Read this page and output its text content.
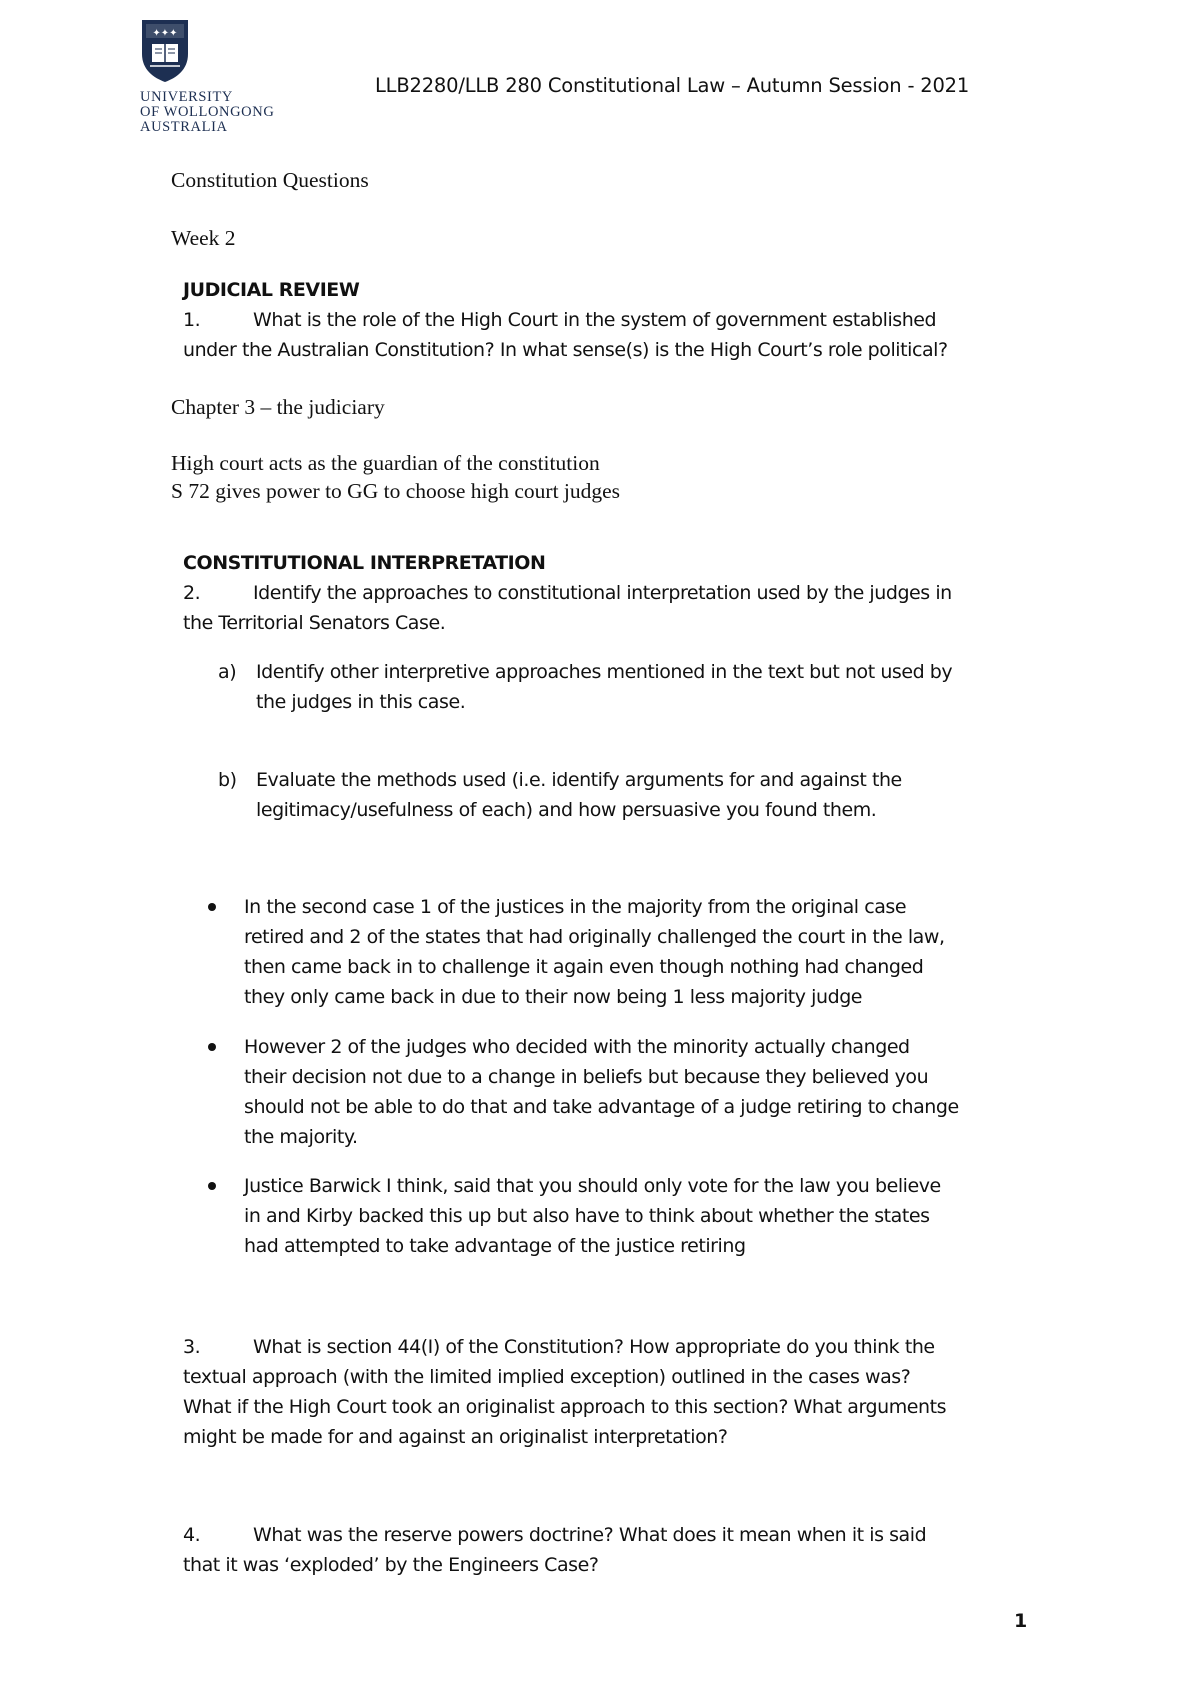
✦✦✦
UNIVERSITY
OF WOLLONGONG
AUSTRALIA
LLB2280/LLB 280 Constitutional Law – Autumn Session - 2021
Constitution Questions
Week 2
JUDICIAL REVIEW
1.	What is the role of the High Court in the system of government established
under the Australian Constitution? In what sense(s) is the High Court’s role political?
Chapter 3 – the judiciary
High court acts as the guardian of the constitution
S 72 gives power to GG to choose high court judges
CONSTITUTIONAL INTERPRETATION
2.	Identify the approaches to constitutional interpretation used by the judges in
the Territorial Senators Case.
a) Identify other interpretive approaches mentioned in the text but not used by
the judges in this case.
b) Evaluate the methods used (i.e. identify arguments for and against the
legitimacy/usefulness of each) and how persuasive you found them.
In the second case 1 of the justices in the majority from the original case
retired and 2 of the states that had originally challenged the court in the law,
then came back in to challenge it again even though nothing had changed
they only came back in due to their now being 1 less majority judge
However 2 of the judges who decided with the minority actually changed
their decision not due to a change in beliefs but because they believed you
should not be able to do that and take advantage of a judge retiring to change
the majority.
Justice Barwick I think, said that you should only vote for the law you believe
in and Kirby backed this up but also have to think about whether the states
had attempted to take advantage of the justice retiring
3.	What is section 44(I) of the Constitution? How appropriate do you think the
textual approach (with the limited implied exception) outlined in the cases was?
What if the High Court took an originalist approach to this section? What arguments
might be made for and against an originalist interpretation?
4.	What was the reserve powers doctrine? What does it mean when it is said
that it was ‘exploded’ by the Engineers Case?
1
